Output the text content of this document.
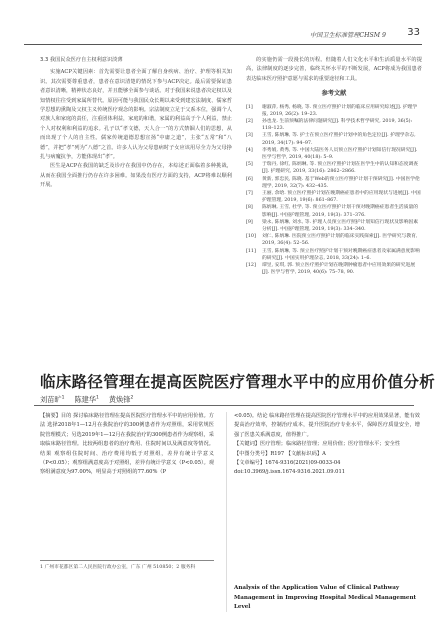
中国卫生标准管理CHSM 9 33

3.3 我国民众医疗自主权利意识淡薄

实施ACP关键因素：首先需要让患者全面了解自身疾病、治疗、护理等相关知识。其次需要尊重患者，患者在意识清楚的情况下参与ACP决定。最后需要保证患者意识清晰，精神状态良好，并且能够全面参与谈话。对于我国来说患者决定权以及知情权往往受到家属所替代。原因可能与我国民众长期以来受到建宏法制度、儒家哲学思想的熏陶及父权主义传统医疗观念的影响。宗法制度立足于父系本位，强调个人对族人和家庭的责任，注重团体利益，家庭的和谐，家属的利益高于个人利益，禁止个人对权利和利益的追求。孔子以“孝文德，天人合一”的方式禁锢人们的思想，从而出现了个人的自主性。儒家传统道德思想宣扬“中庸之道”，主张“五常”和“八德”，并把“孝”列为“八德”之首。许多人认为父母患病时子女应该用尽全力为父母挣扎与病魔抗争，方能体现出“孝”。

医生是ACP在我国的缺乏及诊疗在我国中仍存在，本综述正面临着多种挑战，从而在我国全面推行仍存在许多困难。如果没有医疗方面的支持，ACP将难以顺利开展。

的实施仍需一段漫长的历程。但随着人们文化水平和生活质量水平的提高，法律制度的逐步完善，临终关怀水平的不断发展，ACP将成为我国患者表达临床医疗照护意愿与需求的重要途径和工具。

参考文献
[1]	谢淑萍, 杨秀, 杨晓, 等. 预立医疗照护计划的临床应用研究综述[J]. 护理学报, 2019, 26(2): 19–23.
[2]	孙也龙. 生前预嘱的法律问题研究[J]. 科学技术哲学研究, 2019, 36(5): 118–123.
[3]	王雪, 陈炳琳, 等. 护士在预立医疗照护计划中的角色定位[J]. 护理学杂志, 2019, 34(17): 94–97.
[4]	李秀娟, 黄秀, 等. 中国大陆医务人员预立医疗照护计划知信行现况研究[J]. 医学与哲学, 2019, 40(18): 5–9.
[5]	于瑞丹, 徐红, 陈炳琳, 等. 预立医疗照护计划在医学生中的认知和态度调查[J]. 护理研究, 2019, 33(16): 2862–2866.
[6]	黄新, 郭忠民, 陈晓. 基于Web的预立医疗照护计划干预研究[J]. 中国医学伦理学, 2019, 32(7): 432–435.
[7]	王丽, 余晗. 预立医疗照护计划在晚期癌症患者中的应用现状与进展[J]. 中国护理管理, 2019, 19(6): 861–867.
[8]	陈炳琳, 王雪, 杜学, 等. 预立医疗照护计划干预对晚期癌症患者生活质量的影响[J]. 中国护理管理, 2019, 19(3): 371–376.
[9]	梁永, 陈炳琳, 刘水, 等. 护理人员预立医疗照护计划知信行现状及影响因素分析[J]. 中国护理管理, 2019, 19(3): 334–340.
[10]	刘仁, 陈炳琳. 医院预立医疗照护计划的临床实践探索[J]. 医学研究与教育, 2019, 36(4): 52–56.
[11]	王雪, 陈炳琳, 等. 预立医疗照护计划干预对晚期癌症患者及家属满意度影响的研究[J]. 中国实用护理杂志, 2018, 33(24): 1–6.
[12]	谭昱, 安琪, 郭. 预立医疗照护计划在晚期肿瘤患者中应用效果的研究进展[J]. 医学与哲学, 2019, 40(6): 75–78, 90.
临床路径管理在提高医院医疗管理水平中的应用价值分析
刘苗旷$^1$ 陈建华$^1$ 黄焕锋$^2$

【摘要】目的 探讨临床路径管理在提高医院医疗管理水平中的应用价值。方法 选择2018年1—12月在我院治疗的300例患者作为对照组，采用常规医院管理模式；另选2019年1—12月在我院治疗的300例患者作为观察组，采取临床路径管理。比较两组患者的治疗费用、住院时间以及满意度等情况。结果 观察组住院时间、治疗费用均低于对照组，差异有统计学意义（P<0.05）；观察组满意度高于对照组，差异有统计学意义（P<0.05）。观察组满意度为97.00%，明显高于对照组的77.60%（P

<0.05)。结论 临床路径管理在提高医院医疗管理水平中的应用效果显著，能有效提高治疗效率，控制治疗成本，提升医院治疗专业水平，保障医疗质量安全，增强了医患关系满意度，值得推广。

【关键词】医疗管理；临床路径管理；应用价值；医疗管理水平；安全性

【中图分类号】R197 【文献标识码】A

【文章编号】1674-9316(2021)09-0033-04

doi:10.3969/j.issn.1674-9316.2021.09.011

1 广州市花都区第二人民医院行政办公室，广东 广州 510850；2 服务科
Analysis of the Application Value of Clinical Pathway Management in Improving Hospital Medical Management Level
